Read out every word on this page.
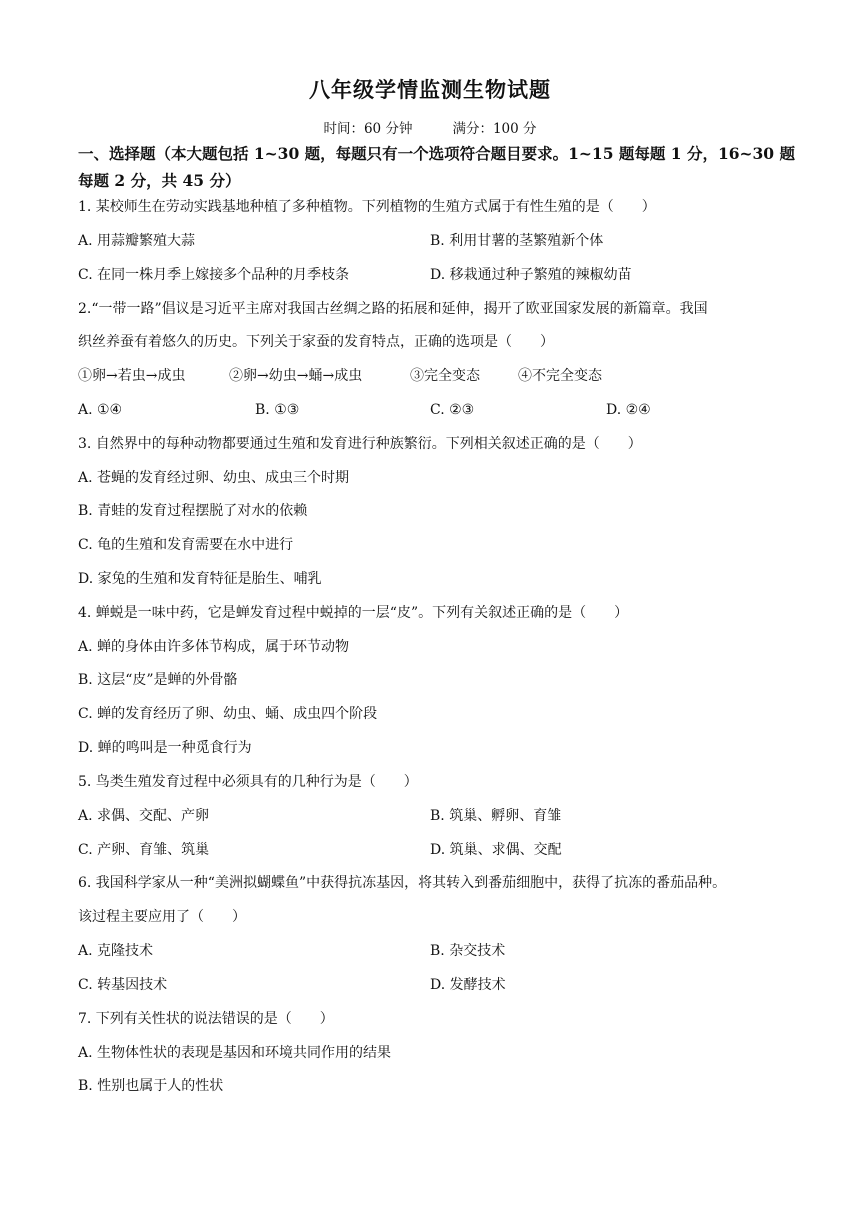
八年级学情监测生物试题
时间：60 分钟	满分：100 分
一、选择题（本大题包括 1~30 题，每题只有一个选项符合题目要求。1~15 题每题 1 分，16~30 题每题 2 分，共 45 分）
1. 某校师生在劳动实践基地种植了多种植物。下列植物的生殖方式属于有性生殖的是（　　）
A. 用蒜瓣繁殖大蒜	B. 利用甘薯的茎繁殖新个体
C. 在同一株月季上嫁接多个品种的月季枝条	D. 移栽通过种子繁殖的辣椒幼苗
2.“一带一路”倡议是习近平主席对我国古丝绸之路的拓展和延伸，揭开了欧亚国家发展的新篇章。我国
织丝养蚕有着悠久的历史。下列关于家蚕的发育特点，正确的选项是（　　）
①卵→若虫→成虫	②卵→幼虫→蛹→成虫	③完全变态	④不完全变态
A. ①④	B. ①③	C. ②③	D. ②④
3. 自然界中的每种动物都要通过生殖和发育进行种族繁衍。下列相关叙述正确的是（　　）
A. 苍蝇的发育经过卵、幼虫、成虫三个时期
B. 青蛙的发育过程摆脱了对水的依赖
C. 龟的生殖和发育需要在水中进行
D. 家兔的生殖和发育特征是胎生、哺乳
4. 蝉蜕是一味中药，它是蝉发育过程中蜕掉的一层“皮”。下列有关叙述正确的是（　　）
A. 蝉的身体由许多体节构成，属于环节动物
B. 这层“皮”是蝉的外骨骼
C. 蝉的发育经历了卵、幼虫、蛹、成虫四个阶段
D. 蝉的鸣叫是一种觅食行为
5. 鸟类生殖发育过程中必须具有的几种行为是（　　）
A. 求偶、交配、产卵	B. 筑巢、孵卵、育雏
C. 产卵、育雏、筑巢	D. 筑巢、求偶、交配
6. 我国科学家从一种“美洲拟蝴蝶鱼”中获得抗冻基因，将其转入到番茄细胞中，获得了抗冻的番茄品种。
该过程主要应用了（　　）
A. 克隆技术	B. 杂交技术
C. 转基因技术	D. 发酵技术
7. 下列有关性状的说法错误的是（　　）
A. 生物体性状的表现是基因和环境共同作用的结果
B. 性别也属于人的性状
